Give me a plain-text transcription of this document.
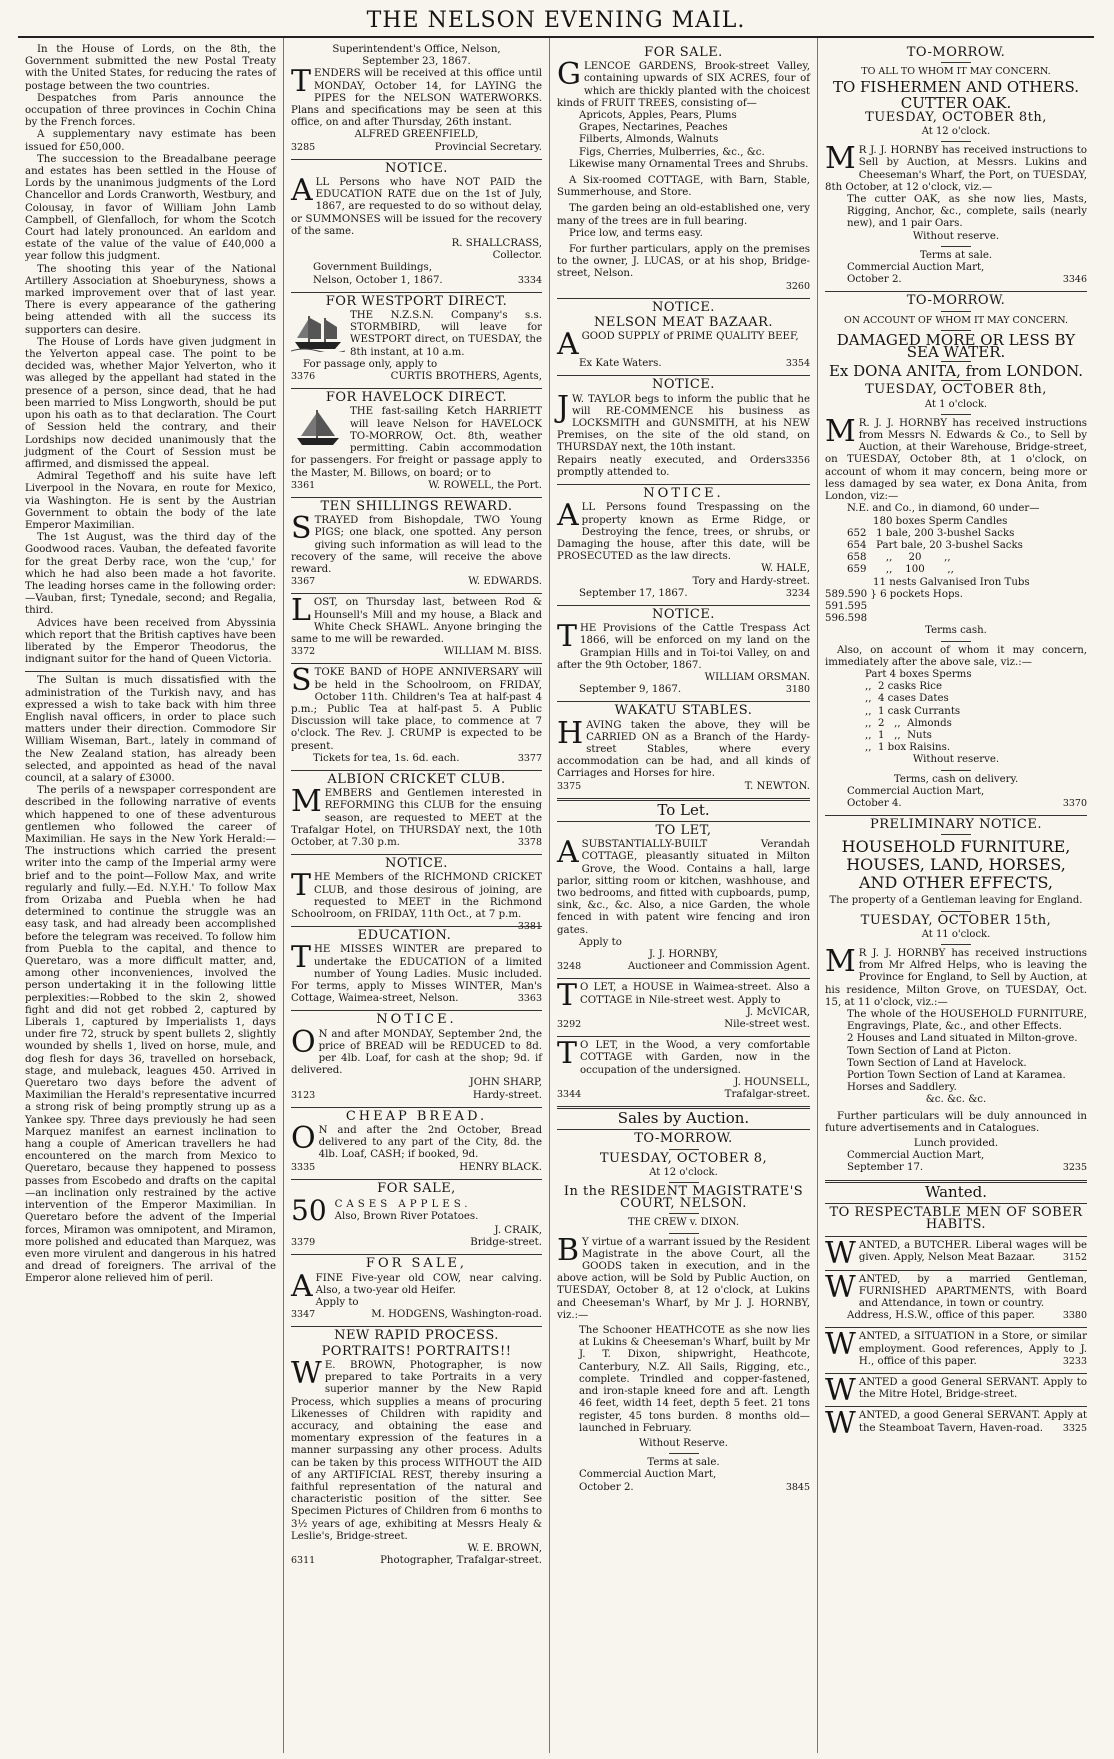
THE NELSON EVENING MAIL.

In the House of Lords, on the 8th, the Government submitted the new Postal Treaty with the United States, for reducing the rates of postage between the two countries.

Despatches from Paris announce the occupation of three provinces in Cochin China by the French forces.

A supplementary navy estimate has been issued for £50,000.

The succession to the Breadalbane peerage and estates has been settled in the House of Lords by the unanimous judgments of the Lord Chancellor and Lords Cranworth, Westbury, and Colousay, in favor of William John Lamb Campbell, of Glenfalloch, for whom the Scotch Court had lately pronounced. An earldom and estate of the value of the value of £40,000 a year follow this judgment.

The shooting this year of the National Artillery Association at Shoeburyness, shows a marked improvement over that of last year. There is every appearance of the gathering being attended with all the success its supporters can desire.

The House of Lords have given judgment in the Yelverton appeal case. The point to be decided was, whether Major Yelverton, who it was alleged by the appellant had stated in the presence of a person, since dead, that he had been married to Miss Longworth, should be put upon his oath as to that declaration. The Court of Session held the contrary, and their Lordships now decided unanimously that the judgment of the Court of Session must be affirmed, and dismissed the appeal.

Admiral Tegethoff and his suite have left Liverpool in the Novara, en route for Mexico, via Washington. He is sent by the Austrian Government to obtain the body of the late Emperor Maximilian.

The 1st August, was the third day of the Goodwood races. Vauban, the defeated favorite for the great Derby race, won the 'cup,' for which he had also been made a hot favorite. The leading horses came in the following order:—Vauban, first; Tynedale, second; and Regalia, third.

Advices have been received from Abyssinia which report that the British captives have been liberated by the Emperor Theodorus, the indignant suitor for the hand of Queen Victoria.

The Sultan is much dissatisfied with the administration of the Turkish navy, and has expressed a wish to take back with him three English naval officers, in order to place such matters under their direction. Commodore Sir William Wiseman, Bart., lately in command of the New Zealand station, has already been selected, and appointed as head of the naval council, at a salary of £3000.

The perils of a newspaper correspondent are described in the following narrative of events which happened to one of these adventurous gentlemen who followed the career of Maximilian. He says in the New York Herald:—The instructions which carried the present writer into the camp of the Imperial army were brief and to the point—Follow Max, and write regularly and fully.—Ed. N.Y.H.' To follow Max from Orizaba and Puebla when he had determined to continue the struggle was an easy task, and had already been accomplished before the telegram was received. To follow him from Puebla to the capital, and thence to Queretaro, was a more difficult matter, and, among other inconveniences, involved the person undertaking it in the following little perplexities:—Robbed to the skin 2, showed fight and did not get robbed 2, captured by Liberals 1, captured by Imperialists 1, days under fire 72, struck by spent bullets 2, slightly wounded by shells 1, lived on horse, mule, and dog flesh for days 36, travelled on horseback, stage, and muleback, leagues 450. Arrived in Queretaro two days before the advent of Maximilian the Herald's representative incurred a strong risk of being promptly strung up as a Yankee spy. Three days previously he had seen Marquez manifest an earnest inclination to hang a couple of American travellers he had encountered on the march from Mexico to Queretaro, because they happened to possess passes from Escobedo and drafts on the capital—an inclination only restrained by the active intervention of the Emperor Maximilian. In Queretaro before the advent of the Imperial forces, Miramon was omnipotent, and Miramon, more polished and educated than Marquez, was even more virulent and dangerous in his hatred and dread of foreigners. The arrival of the Emperor alone relieved him of peril.

Superintendent's Office, Nelson,
September 23, 1867.

TENDERS will be received at this office until MONDAY, October 14, for LAYING the PIPES for the NELSON WATERWORKS. Plans and specifications may be seen at this office, on and after Thursday, 26th instant.

ALFRED GREENFIELD,
3285	Provincial Secretary.
NOTICE.

ALL Persons who have NOT PAID the EDUCATION RATE due on the 1st of July, 1867, are requested to do so without delay, or SUMMONSES will be issued for the recovery of the same.

R. SHALLCRASS,
Collector.
Government Buildings,
Nelson, October 1, 1867.	3334
FOR WESTPORT DIRECT.

THE N.Z.S.N. Company's s.s. STORMBIRD, will leave for WESTPORT direct, on TUESDAY, the 8th instant, at 10 a.m.

For passage only, apply to

3376	CURTIS BROTHERS, Agents,
FOR HAVELOCK DIRECT.

THE fast-sailing Ketch HARRIETT will leave Nelson for HAVELOCK TO-MORROW, Oct. 8th, weather permitting. Cabin accommodation for passengers. For freight or passage apply to the Master, M. Billows, on board; or to

3361	W. ROWELL, the Port.
TEN SHILLINGS REWARD.

STRAYED from Bishopdale, TWO Young PIGS; one black, one spotted. Any person giving such information as will lead to the recovery of the same, will receive the above reward.

3367	W. EDWARDS.

LOST, on Thursday last, between Rod & Hounsell's Mill and my house, a Black and White Check SHAWL. Anyone bringing the same to me will be rewarded.

3372	WILLIAM M. BISS.

STOKE BAND of HOPE ANNIVERSARY will be held in the Schoolroom, on FRIDAY, October 11th. Children's Tea at half-past 4 p.m.; Public Tea at half-past 5. A Public Discussion will take place, to commence at 7 o'clock. The Rev. J. CRUMP is expected to be present.

Tickets for tea, 1s. 6d. each.	3377
ALBION CRICKET CLUB.

MEMBERS and Gentlemen interested in REFORMING this CLUB for the ensuing season, are requested to MEET at the Trafalgar Hotel, on THURSDAY next, the 10th October, at 7.30 p.m.	3378

NOTICE.

THE Members of the RICHMOND CRICKET CLUB, and those desirous of joining, are requested to MEET in the Richmond Schoolroom, on FRIDAY, 11th Oct., at 7 p.m.
3381

EDUCATION.

THE MISSES WINTER are prepared to undertake the EDUCATION of a limited number of Young Ladies. Music included. For terms, apply to Misses WINTER, Man's Cottage, Waimea-street, Nelson.	3363

NOTICE.

O N and after MONDAY, September 2nd, the price of BREAD will be REDUCED to 8d. per 4lb. Loaf, for cash at the shop; 9d. if delivered.

JOHN SHARP,
3123	Hardy-street.
CHEAP BREAD.

O N and after the 2nd October, Bread delivered to any part of the City, 8d. the 4lb. Loaf, CASH; if booked, 9d.

3335	HENRY BLACK.
FOR SALE,
50 CASES APPLES.
Also, Brown River Potatoes.
J. CRAIK,
3379	Bridge-street.
FOR SALE,

AFINE Five-year old COW, near calving. Also, a two-year old Heifer.

Apply to
3347	M. HODGENS, Washington-road.
NEW RAPID PROCESS.
PORTRAITS! PORTRAITS!!

W E. BROWN, Photographer, is now prepared to take Portraits in a very superior manner by the New Rapid Process, which supplies a means of procuring Likenesses of Children with rapidity and accuracy, and obtaining the ease and momentary expression of the features in a manner surpassing any other process. Adults can be taken by this process WITHOUT the AID of any ARTIFICIAL REST, thereby insuring a faithful representation of the natural and characteristic position of the sitter. See Specimen Pictures of Children from 6 months to 3½ years of age, exhibiting at Messrs Healy & Leslie's, Bridge-street.

W. E. BROWN,
6311	Photographer, Trafalgar-street.
FOR SALE.

GLENCOE GARDENS, Brook-street Valley, containing upwards of SIX ACRES, four of which are thickly planted with the choicest kinds of FRUIT TREES, consisting of—

Apricots, Apples, Pears, Plums
Grapes, Nectarines, Peaches
Filberts, Almonds, Walnuts
Figs, Cherries, Mulberries, &c., &c.

Likewise many Ornamental Trees and Shrubs.

A Six-roomed COTTAGE, with Barn, Stable, Summerhouse, and Store.

The garden being an old-established one, very many of the trees are in full bearing.

Price low, and terms easy.

For further particulars, apply on the premises to the owner, J. LUCAS, or at his shop, Bridge-street, Nelson.

3260
NOTICE.
NELSON MEAT BAZAAR.

AGOOD SUPPLY of PRIME QUALITY BEEF,

Ex Kate Waters.	3354
NOTICE.

J W. TAYLOR begs to inform the public that he will RE-COMMENCE his business as LOCKSMITH and GUNSMITH, at his NEW Premises, on the site of the old stand, on THURSDAY next, the 10th instant.

Repairs neatly executed, and Orders promptly attended to.
3356
NOTICE.

ALL Persons found Trespassing on the property known as Erme Ridge, or Destroying the fence, trees, or shrubs, or Damaging the house, after this date, will be PROSECUTED as the law directs.

W. HALE,
Tory and Hardy-street.
September 17, 1867.	3234
NOTICE.

THE Provisions of the Cattle Trespass Act 1866, will be enforced on my land on the Grampian Hills and in Toi-toi Valley, on and after the 9th October, 1867.

WILLIAM ORSMAN.
September 9, 1867.	3180
WAKATU STABLES.

HAVING taken the above, they will be CARRIED ON as a Branch of the Hardy-street Stables, where every accommodation can be had, and all kinds of Carriages and Horses for hire.

3375	T. NEWTON.
To Let.
TO LET,

ASUBSTANTIALLY-BUILT Verandah COTTAGE, pleasantly situated in Milton Grove, the Wood. Contains a hall, large parlor, sitting room or kitchen, washhouse, and two bedrooms, and fitted with cupboards, pump, sink, &c., &c. Also, a nice Garden, the whole fenced in with patent wire fencing and iron gates.

Apply to
J. J. HORNBY,
3248	Auctioneer and Commission Agent.

T O LET, a HOUSE in Waimea-street. Also a COTTAGE in Nile-street west. Apply to

J. McVICAR,
3292	Nile-street west.

T O LET, in the Wood, a very comfortable COTTAGE with Garden, now in the occupation of the undersigned.

J. HOUNSELL,
3344	Trafalgar-street.
Sales by Auction.
TO-MORROW.
TUESDAY, OCTOBER 8,
At 12 o'clock.
In the RESIDENT MAGISTRATE'S COURT, NELSON.
THE CREW v. DIXON.

B Y virtue of a warrant issued by the Resident Magistrate in the above Court, all the GOODS taken in execution, and in the above action, will be Sold by Public Auction, on TUESDAY, October 8, at 12 o'clock, at Lukins and Cheeseman's Wharf, by Mr J. J. HORNBY, viz.:—

The Schooner HEATHCOTE as she now lies at Lukins & Cheeseman's Wharf, built by Mr J. T. Dixon, shipwright, Heathcote, Canterbury, N.Z. All Sails, Rigging, etc., complete. Trindled and copper-fastened, and iron-staple kneed fore and aft. Length 46 feet, width 14 feet, depth 5 feet. 21 tons register, 45 tons burden. 8 months old—launched in February.

Without Reserve.
Terms at sale.
Commercial Auction Mart,
October 2.	3845
TO-MORROW.
TO ALL TO WHOM IT MAY CONCERN.
TO FISHERMEN AND OTHERS.
CUTTER OAK.
TUESDAY, OCTOBER 8th,
At 12 o'clock.

M R J. J. HORNBY has received instructions to Sell by Auction, at Messrs. Lukins and Cheeseman's Wharf, the Port, on TUESDAY, 8th October, at 12 o'clock, viz.—

The cutter OAK, as she now lies, Masts, Rigging, Anchor, &c., complete, sails (nearly new), and 1 pair Oars.

Without reserve.
Terms at sale.
Commercial Auction Mart,
October 2.	3346
TO-MORROW.
ON ACCOUNT OF WHOM IT MAY CONCERN.
DAMAGED MORE OR LESS BY SEA WATER.
Ex DONA ANITA, from LONDON.
TUESDAY, OCTOBER 8th,
At 1 o'clock.

M R. J. J. HORNBY has received instructions from Messrs N. Edwards & Co., to Sell by Auction, at their Warehouse, Bridge-street, on TUESDAY, October 8th, at 1 o'clock, on account of whom it may concern, being more or less damaged by sea water, ex Dona Anita, from London, viz:—

N.E. and Co., in diamond, 60 under—
180 boxes Sperm Candles
652   1 bale, 200 3-bushel Sacks
654   Part bale, 20 3-bushel Sacks
658      ,,     20       ,,
659      ,,    100       ,,
11 nests Galvanised Iron Tubs
589.590 } 6 pockets Hops.
591.595
596.598
Terms cash.

Also, on account of whom it may concern, immediately after the above sale, viz.:—

Part 4 boxes Sperms
,,  2 casks Rice
,,  4 cases Dates
,,  1 cask Currants
,,  2   ,,  Almonds
,,  1   ,,  Nuts
,,  1 box Raisins.
Without reserve.
Terms, cash on delivery.
Commercial Auction Mart,
October 4.	3370
PRELIMINARY NOTICE.
HOUSEHOLD FURNITURE, HOUSES, LAND, HORSES, AND OTHER EFFECTS,
The property of a Gentleman leaving for England.
TUESDAY, OCTOBER 15th,
At 11 o'clock.

M R J. J. HORNBY has received instructions from Mr Alfred Helps, who is leaving the Province for England, to Sell by Auction, at his residence, Milton Grove, on TUESDAY, Oct. 15, at 11 o'clock, viz.:—

The whole of the HOUSEHOLD FURNITURE, Engravings, Plate, &c., and other Effects.
2 Houses and Land situated in Milton-grove.
Town Section of Land at Picton.
Town Section of Land at Havelock.
Portion Town Section of Land at Karamea.
Horses and Saddlery.
&c. &c. &c.

Further particulars will be duly announced in future advertisements and in Catalogues.

Lunch provided.
Commercial Auction Mart,
September 17.	3235
Wanted.
TO RESPECTABLE MEN OF SOBER HABITS.

WANTED, a BUTCHER. Liberal wages will be given. Apply, Nelson Meat Bazaar.	3152

WANTED, by a married Gentleman, FURNISHED APARTMENTS, with Board and Attendance, in town or country.

Address, H.S.W., office of this paper.	3380

WANTED, a SITUATION in a Store, or similar employment. Good references, Apply to J. H., office of this paper.	3233

WANTED a good General SERVANT. Apply to the Mitre Hotel, Bridge-street.

WANTED, a good General SERVANT. Apply at the Steamboat Tavern, Haven-road. 3325
